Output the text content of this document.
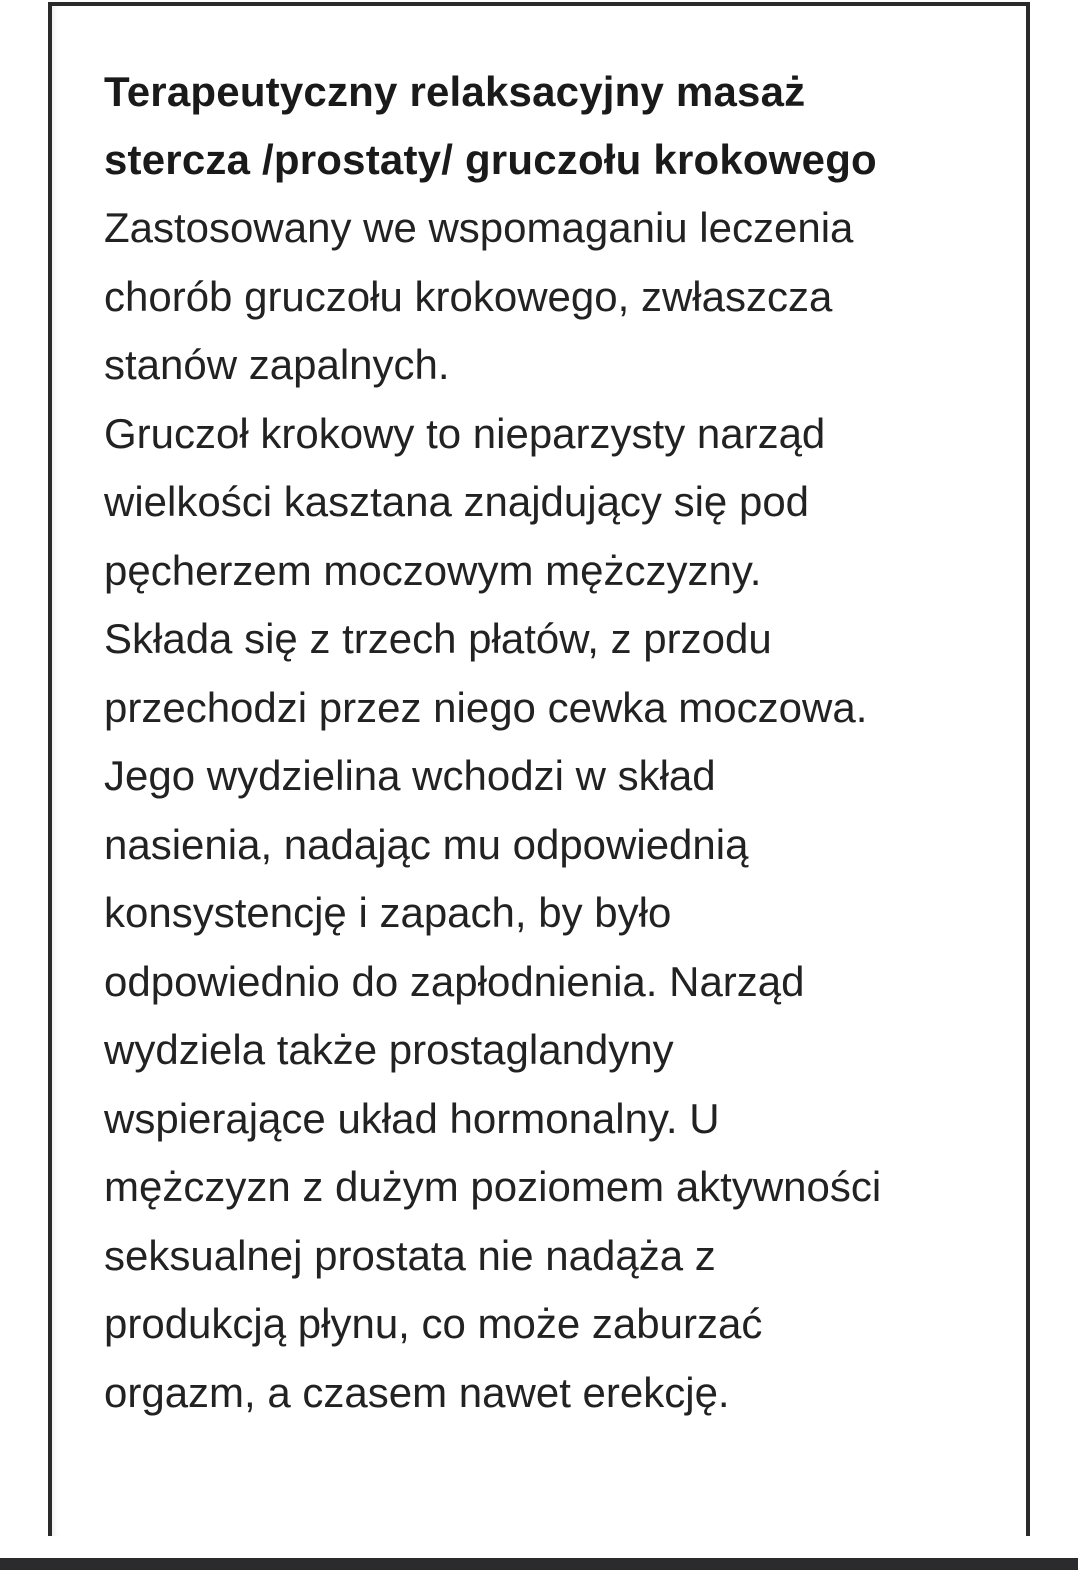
Terapeutyczny relaksacyjny masaż
stercza /prostaty/ gruczołu krokowego

Zastosowany we wspomaganiu leczenia
chorób gruczołu krokowego, zwłaszcza
stanów zapalnych.
Gruczoł krokowy to nieparzysty narząd
wielkości kasztana znajdujący się pod
pęcherzem moczowym mężczyzny.
Składa się z trzech płatów, z przodu
przechodzi przez niego cewka moczowa.
Jego wydzielina wchodzi w skład
nasienia, nadając mu odpowiednią
konsystencję i zapach, by było
odpowiednio do zapłodnienia. Narząd
wydziela także prostaglandyny
wspierające układ hormonalny. U
mężczyzn z dużym poziomem aktywności
seksualnej prostata nie nadąża z
produkcją płynu, co może zaburzać
orgazm, a czasem nawet erekcję.
